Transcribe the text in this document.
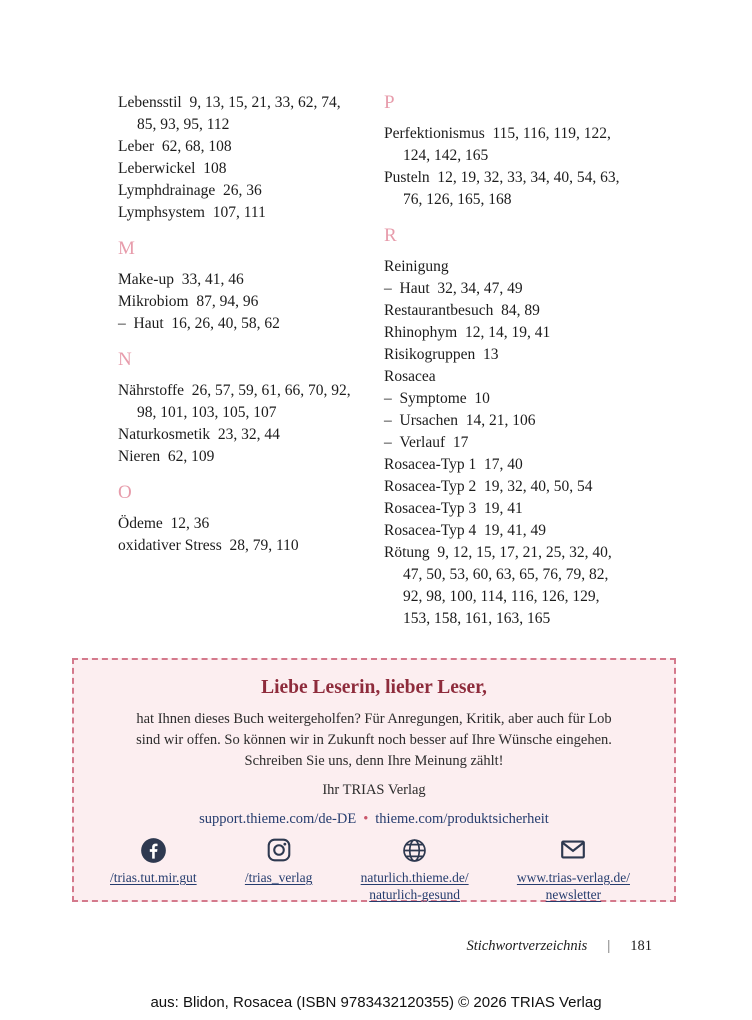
Lebensstil 9, 13, 15, 21, 33, 62, 74, 85, 93, 95, 112
Leber 62, 68, 108
Leberwickel 108
Lymphdrainage 26, 36
Lymphsystem 107, 111
M
Make-up 33, 41, 46
Mikrobiom 87, 94, 96
– Haut 16, 26, 40, 58, 62
N
Nährstoffe 26, 57, 59, 61, 66, 70, 92, 98, 101, 103, 105, 107
Naturkosmetik 23, 32, 44
Nieren 62, 109
O
Ödeme 12, 36
oxidativer Stress 28, 79, 110
P
Perfektionismus 115, 116, 119, 122, 124, 142, 165
Pusteln 12, 19, 32, 33, 34, 40, 54, 63, 76, 126, 165, 168
R
Reinigung
– Haut 32, 34, 47, 49
Restaurantbesuch 84, 89
Rhinophym 12, 14, 19, 41
Risikogruppen 13
Rosacea
– Symptome 10
– Ursachen 14, 21, 106
– Verlauf 17
Rosacea-Typ 1 17, 40
Rosacea-Typ 2 19, 32, 40, 50, 54
Rosacea-Typ 3 19, 41
Rosacea-Typ 4 19, 41, 49
Rötung 9, 12, 15, 17, 21, 25, 32, 40, 47, 50, 53, 60, 63, 65, 76, 79, 82, 92, 98, 100, 114, 116, 126, 129, 153, 158, 161, 163, 165
Liebe Leserin, lieber Leser,

hat Ihnen dieses Buch weitergeholfen? Für Anregungen, Kritik, aber auch für Lob
sind wir offen. So können wir in Zukunft noch besser auf Ihre Wünsche eingehen.
Schreiben Sie uns, denn Ihre Meinung zählt!

Ihr TRIAS Verlag

support.thieme.com/de-DE • thieme.com/produktsicherheit

/trias.tut.mir.gut	/trias_verlag	naturlich.thieme.de/
naturlich-gesund
www.trias-verlag.de/
newsletter
Stichwortverzeichnis | 181
aus: Blidon, Rosacea (ISBN 9783432120355) © 2026 TRIAS Verlag
